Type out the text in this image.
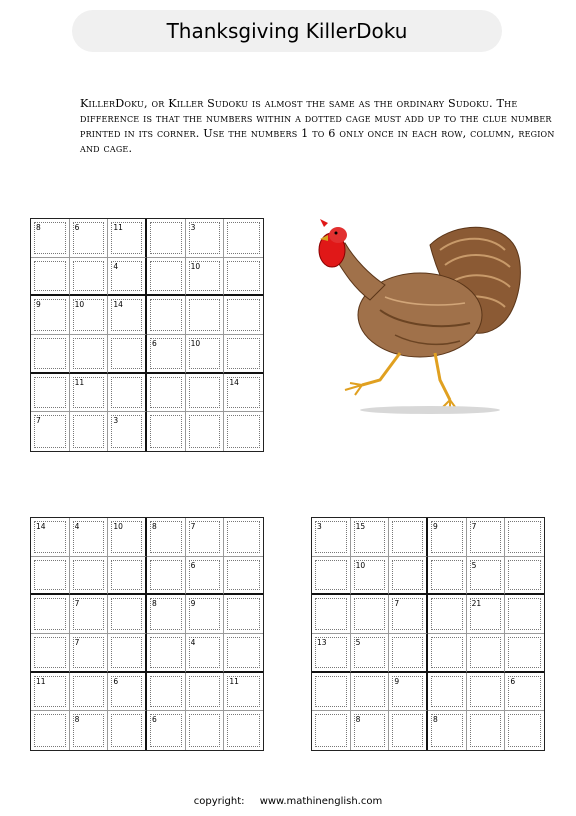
Thanksgiving KillerDoku
KillerDoku, or Killer Sudoku is almost the same as the ordinary Sudoku. The difference is that the numbers within a dotted cage must add up to the clue number printed in its corner. Use the numbers 1 to 6 only once in each row, column, region and cage.
8	6	11	3
4	10
9	10	14
6	10
11	14
7	3
14	4	10	8	7
6
7	8	9
7	4
11	6	11
8	6
3	15	9	7
10	5
7	21
13	5
9	6
8	8
copyright: www.mathinenglish.com
